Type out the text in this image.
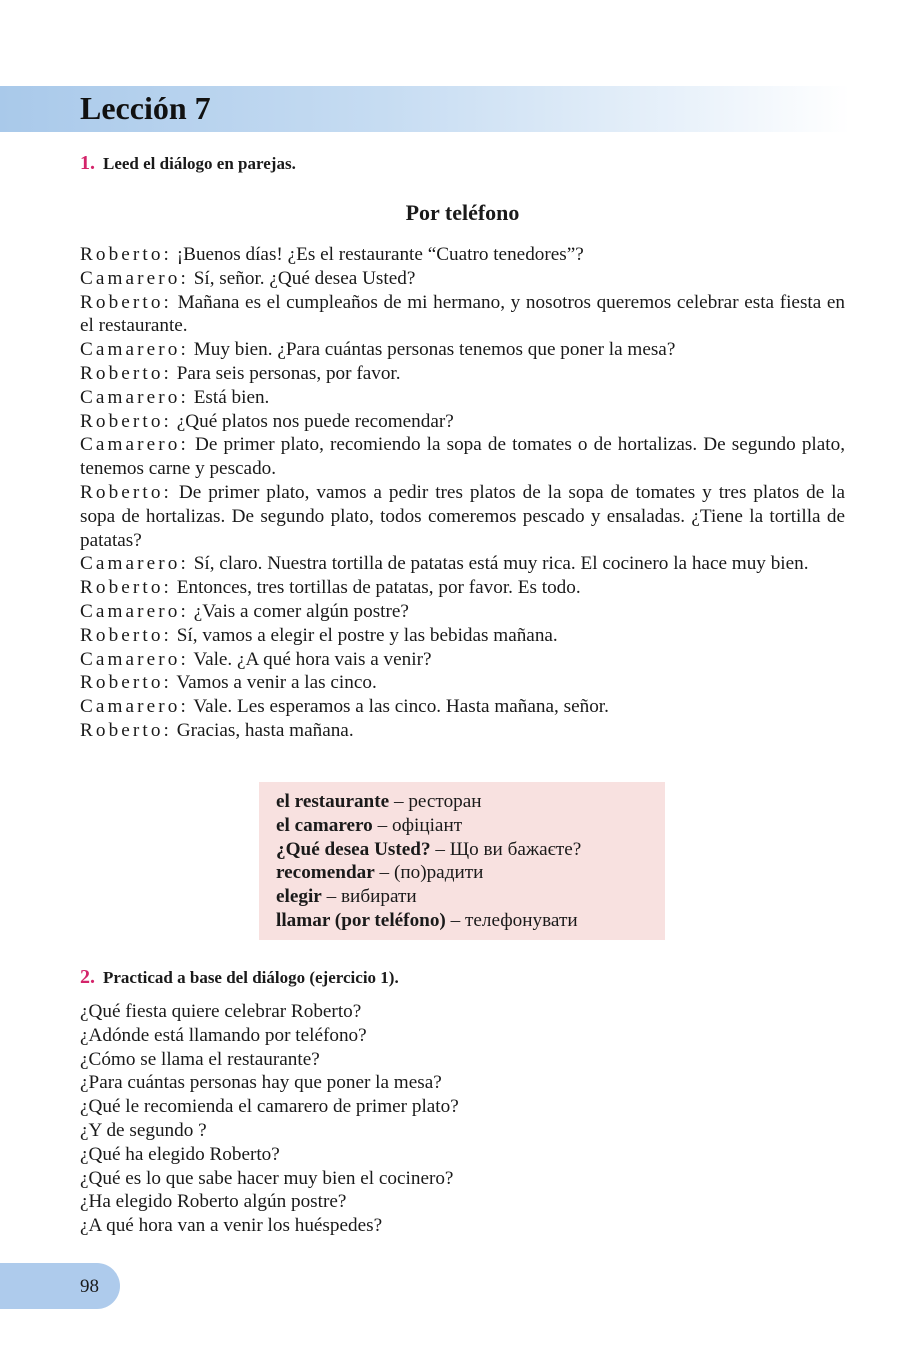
Lección 7

1. Leed el diálogo en parejas.

Por teléfono

Roberto: ¡Buenos días! ¿Es el restaurante “Cuatro tenedores”?

Camarero: Sí, señor. ¿Qué desea Usted?

Roberto: Mañana es el cumpleaños de mi hermano, y nosotros queremos celebrar esta fiesta en el restaurante.

Camarero: Muy bien. ¿Para cuántas personas tenemos que poner la mesa?

Roberto: Para seis personas, por favor.

Camarero: Está bien.

Roberto: ¿Qué platos nos puede recomendar?

Camarero: De primer plato, recomiendo la sopa de tomates o de hortalizas. De segundo plato, tenemos carne y pescado.

Roberto: De primer plato, vamos a pedir tres platos de la sopa de tomates y tres platos de la sopa de hortalizas. De segundo plato, todos comeremos pescado y ensaladas. ¿Tiene la tortilla de patatas?

Camarero: Sí, claro. Nuestra tortilla de patatas está muy rica. El cocinero la hace muy bien.

Roberto: Entonces, tres tortillas de patatas, por favor. Es todo.

Camarero: ¿Vais a comer algún postre?

Roberto: Sí, vamos a elegir el postre y las bebidas mañana.

Camarero: Vale. ¿A qué hora vais a venir?

Roberto: Vamos a venir a las cinco.

Camarero: Vale. Les esperamos a las cinco. Hasta mañana, señor.

Roberto: Gracias, hasta mañana.

el restaurante – ресторан

el camarero – офіціант

¿Qué desea Usted? – Що ви бажаєте?

recomendar – (по)радити

elegir – вибирати

llamar (por teléfono) – телефонувати

2. Practicad a base del diálogo (ejercicio 1).

¿Qué fiesta quiere celebrar Roberto?

¿Adónde está llamando por teléfono?

¿Cómo se llama el restaurante?

¿Para cuántas personas hay que poner la mesa?

¿Qué le recomienda el camarero de primer plato?

¿Y de segundo ?

¿Qué ha elegido Roberto?

¿Qué es lo que sabe hacer muy bien el cocinero?

¿Ha elegido Roberto algún postre?

¿A qué hora van a venir los huéspedes?

98
